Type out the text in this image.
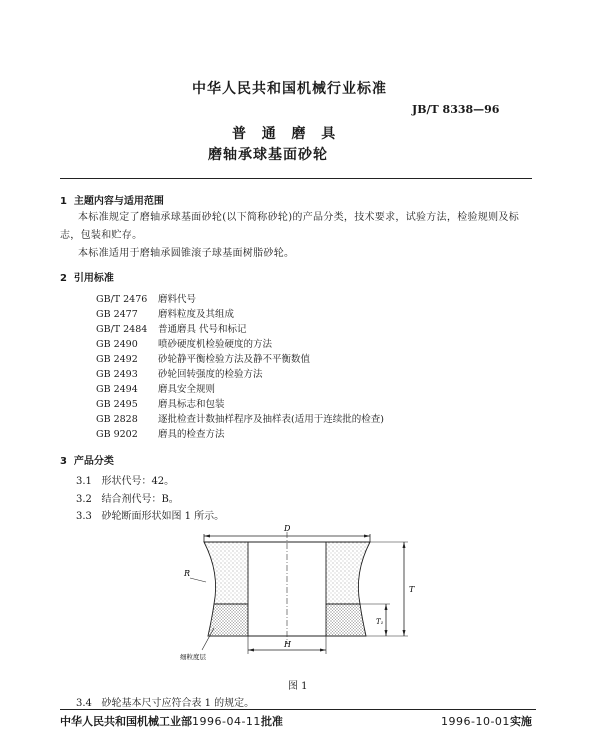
中华人民共和国机械行业标准
JB/T 8338—96
普  通  磨  具
磨轴承球基面砂轮
1  主题内容与适用范围
本标准规定了磨轴承球基面砂轮(以下简称砂轮)的产品分类，技术要求，试验方法，检验规则及标
志，包装和贮存。
本标准适用于磨轴承圆锥滚子球基面树脂砂轮。
2  引用标准
GB/T 2476 磨料代号
GB 2477 磨料粒度及其组成
GB/T 2484 普通磨具 代号和标记
GB 2490 喷砂硬度机检验硬度的方法
GB 2492 砂轮静平衡检验方法及静不平衡数值
GB 2493 砂轮回转强度的检验方法
GB 2494 磨具安全规则
GB 2495 磨具标志和包装
GB 2828 逐批检查计数抽样程序及抽样表(适用于连续批的检查)
GB 9202 磨具的检查方法
3  产品分类
3.1   形状代号：42。
3.2   结合剂代号：B。
3.3   砂轮断面形状如图 1 所示。
D
R
T
T₁
H
细粒度层
图 1
3.4   砂轮基本尺寸应符合表 1 的规定。
中华人民共和国机械工业部1996-04-11批准	1996-10-01实施
